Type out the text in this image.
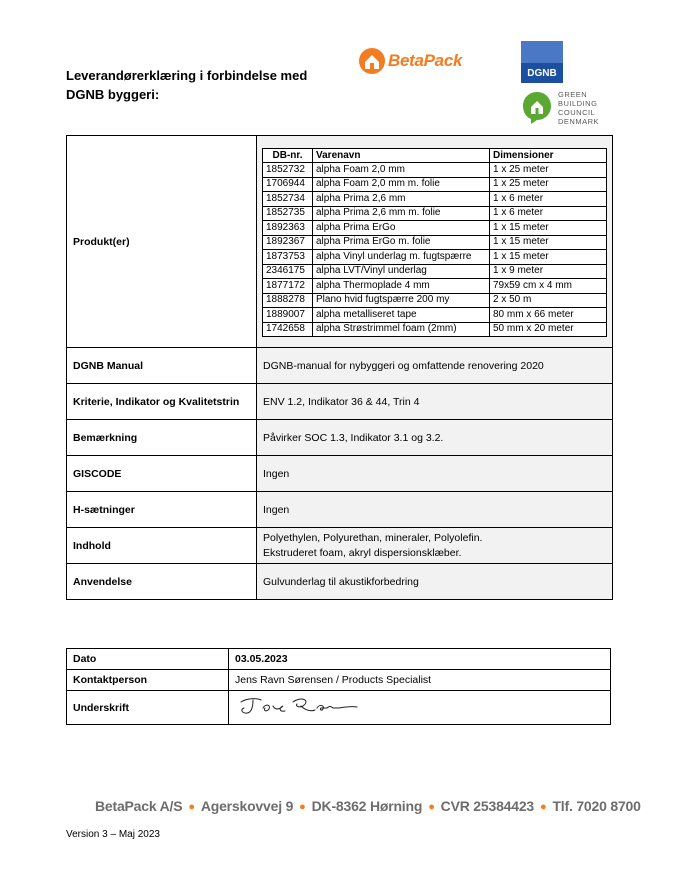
Leverandørerklæring i forbindelse med
DGNB byggeri:
BetaPack
DGNB
GREEN
BUILDING
COUNCIL
DENMARK
Produkt(er)	
DB-nr.	Varenavn	Dimensioner
1852732	alpha Foam 2,0 mm	1 x 25 meter
1706944	alpha Foam 2,0 mm m. folie	1 x 25 meter
1852734	alpha Prima 2,6 mm	1 x 6 meter
1852735	alpha Prima 2,6 mm m. folie	1 x 6 meter
1892363	alpha Prima ErGo	1 x 15 meter
1892367	alpha Prima ErGo m. folie	1 x 15 meter
1873753	alpha Vinyl underlag m. fugtspærre	1 x 15 meter
2346175	alpha LVT/Vinyl underlag	1 x 9 meter
1877172	alpha Thermoplade 4 mm	79x59 cm x 4 mm
1888278	Plano hvid fugtspærre 200 my	2 x 50 m
1889007	alpha metalliseret tape	80 mm x 66 meter
1742658	alpha Strøstrimmel foam (2mm)	50 mm x 20 meter

DGNB Manual	DGNB-manual for nybyggeri og omfattende renovering 2020
Kriterie, Indikator og Kvalitetstrin	ENV 1.2, Indikator 36 & 44, Trin 4
Bemærkning	Påvirker SOC 1.3, Indikator 3.1 og 3.2.
GISCODE	Ingen
H-sætninger	Ingen
Indhold	
Polyethylen, Polyurethan, mineraler, Polyolefin.
Ekstruderet foam, akryl dispersionsklæber.

Anvendelse	Gulvunderlag til akustikforbedring
Dato	03.05.2023
Kontaktperson	Jens Ravn Sørensen / Products Specialist
Underskrift	
BetaPack A/S ● Agerskovvej 9 ● DK-8362 Hørning ● CVR 25384423 ● Tlf. 7020 8700
Version 3 – Maj 2023
